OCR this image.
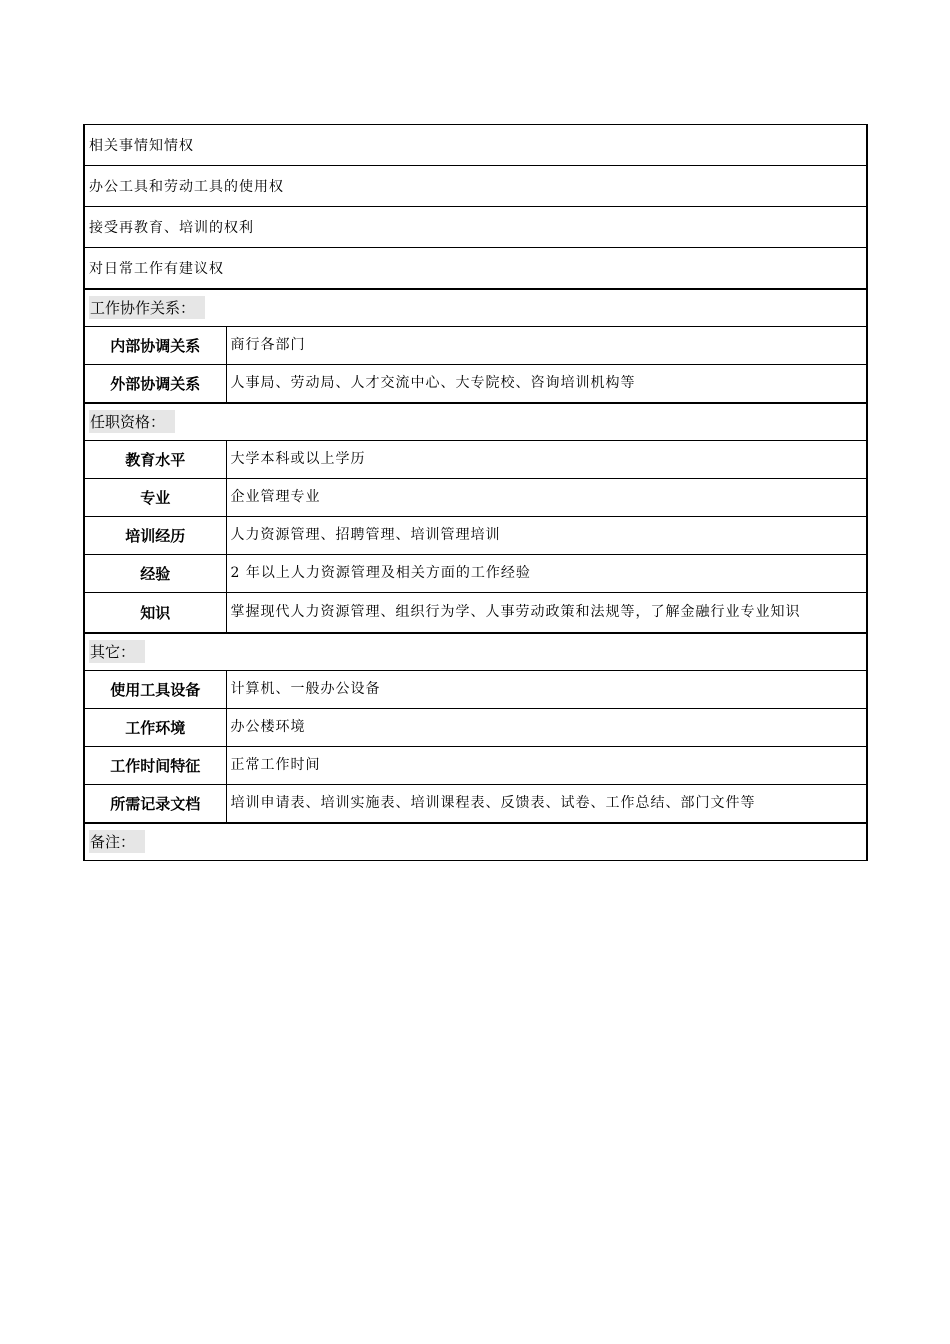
相关事情知情权	
办公工具和劳动工具的使用权	
接受再教育、培训的权利	
对日常工作有建议权	
工作协作关系：	
内部协调关系	商行各部门
外部协调关系	人事局、劳动局、人才交流中心、大专院校、咨询培训机构等
任职资格：	
教育水平	大学本科或以上学历
专业	企业管理专业
培训经历	人力资源管理、招聘管理、培训管理培训
经验	2 年以上人力资源管理及相关方面的工作经验
知识	掌握现代人力资源管理、组织行为学、人事劳动政策和法规等，了解金融行业专业知识
其它：	
使用工具设备	计算机、一般办公设备
工作环境	办公楼环境
工作时间特征	正常工作时间
所需记录文档	培训申请表、培训实施表、培训课程表、反馈表、试卷、工作总结、部门文件等
备注：	
